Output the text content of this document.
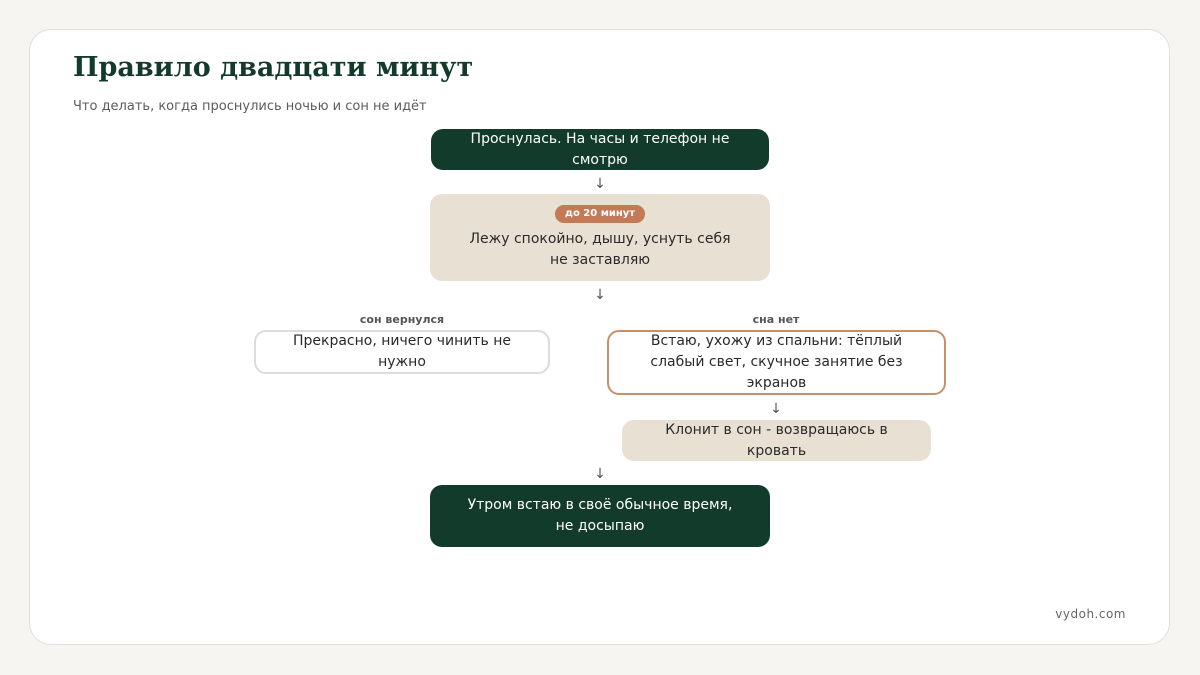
Правило двадцати минут
Что делать, когда проснулись ночью и сон не идёт
Проснулась. На часы и телефон не смотрю
↓
до 20 минут
Лежу спокойно, дышу, уснуть себя не заставляю
↓
сон вернулся
Прекрасно, ничего чинить не нужно
сна нет
Встаю, ухожу из спальни: тёплый слабый свет, скучное занятие без экранов
↓
Клонит в сон - возвращаюсь в кровать
↓
Утром встаю в своё обычное время, не досыпаю
vydoh.com
